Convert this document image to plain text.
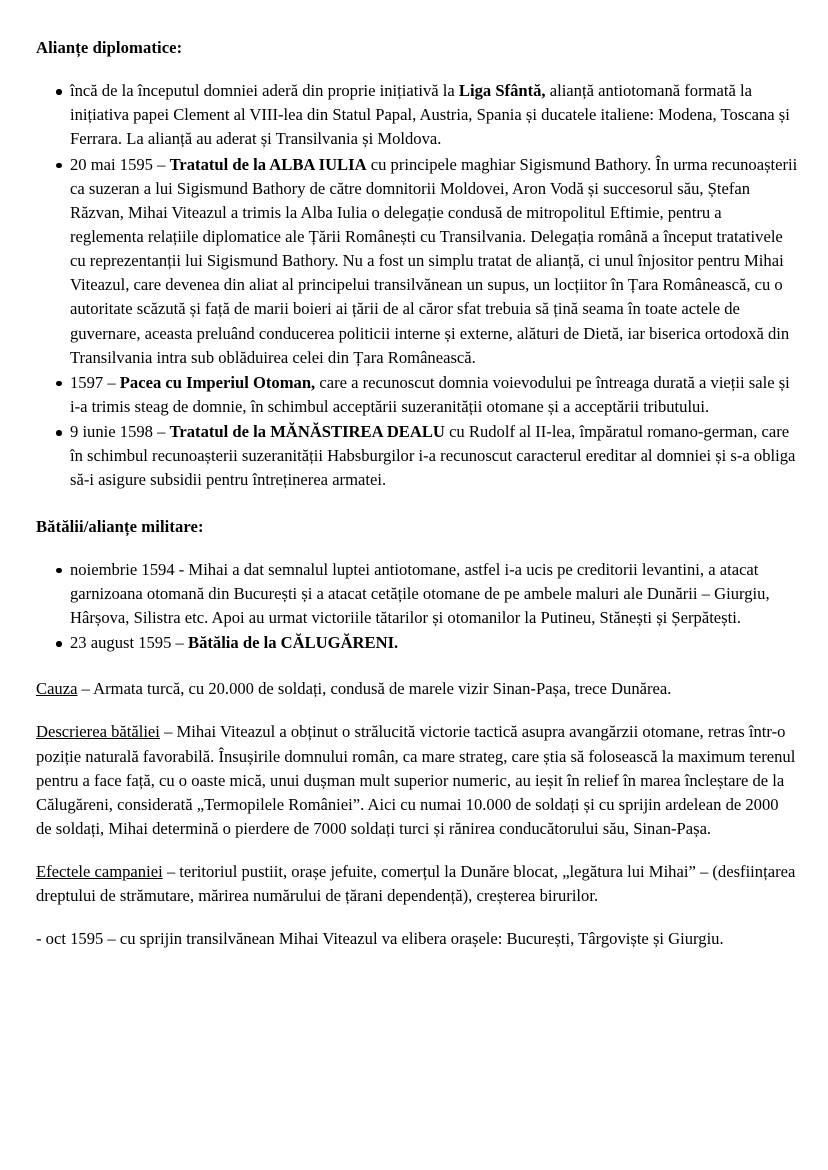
Alianțe diplomatice:
încă de la începutul domniei aderă din proprie inițiativă la Liga Sfântă, alianță antiotomană formată la inițiativa papei Clement al VIII-lea din Statul Papal, Austria, Spania și ducatele italiene: Modena, Toscana și Ferrara. La alianță au aderat și Transilvania și Moldova.
20 mai 1595 – Tratatul de la ALBA IULIA cu principele maghiar Sigismund Bathory. În urma recunoașterii ca suzeran a lui Sigismund Bathory de către domnitorii Moldovei, Aron Vodă și succesorul său, Ștefan Răzvan, Mihai Viteazul a trimis la Alba Iulia o delegație condusă de mitropolitul Eftimie, pentru a reglementa relațiile diplomatice ale Țării Românești cu Transilvania. Delegația română a început tratativele cu reprezentanții lui Sigismund Bathory. Nu a fost un simplu tratat de alianță, ci unul înjositor pentru Mihai Viteazul, care devenea din aliat al principelui transilvănean un supus, un locțiitor în Țara Românească, cu o autoritate scăzută și față de marii boieri ai țării de al căror sfat trebuia să țină seama în toate actele de guvernare, aceasta preluând conducerea politicii interne și externe, alături de Dietă, iar biserica ortodoxă din Transilvania intra sub oblăduirea celei din Țara Românească.
1597 – Pacea cu Imperiul Otoman, care a recunoscut domnia voievodului pe întreaga durată a vieții sale și i-a trimis steag de domnie, în schimbul acceptării suzeranității otomane și a acceptării tributului.
9 iunie 1598 – Tratatul de la MĂNĂSTIREA DEALU cu Rudolf al II-lea, împăratul romano-german, care în schimbul recunoașterii suzeranității Habsburgilor i-a recunoscut caracterul ereditar al domniei și s-a obliga să-i asigure subsidii pentru întreținerea armatei.
Bătălii/alianțe militare:
noiembrie 1594 - Mihai a dat semnalul luptei antiotomane, astfel i-a ucis pe creditorii levantini, a atacat garnizoana otomană din București și a atacat cetățile otomane de pe ambele maluri ale Dunării – Giurgiu, Hârșova, Silistra etc. Apoi au urmat victoriile tătarilor și otomanilor la Putineu, Stănești și Șerpătești.
23 august 1595 – Bătălia de la CĂLUGĂRENI.

Cauza – Armata turcă, cu 20.000 de soldați, condusă de marele vizir Sinan-Pașa, trece Dunărea.

Descrierea bătăliei – Mihai Viteazul a obținut o strălucită victorie tactică asupra avangărzii otomane, retras într-o poziție naturală favorabilă. Însușirile domnului român, ca mare strateg, care știa să folosească la maximum terenul pentru a face față, cu o oaste mică, unui dușman mult superior numeric, au ieșit în relief în marea încleștare de la Călugăreni, considerată „Termopilele României”. Aici cu numai 10.000 de soldați și cu sprijin ardelean de 2000 de soldați, Mihai determină o pierdere de 7000 soldați turci și rănirea conducătorului său, Sinan-Pașa.

Efectele campaniei – teritoriul pustiit, orașe jefuite, comerțul la Dunăre blocat, „legătura lui Mihai” – (desființarea dreptului de strămutare, mărirea numărului de țărani dependență), creșterea birurilor.

- oct 1595 – cu sprijin transilvănean Mihai Viteazul va elibera orașele: București, Târgoviște și Giurgiu.
